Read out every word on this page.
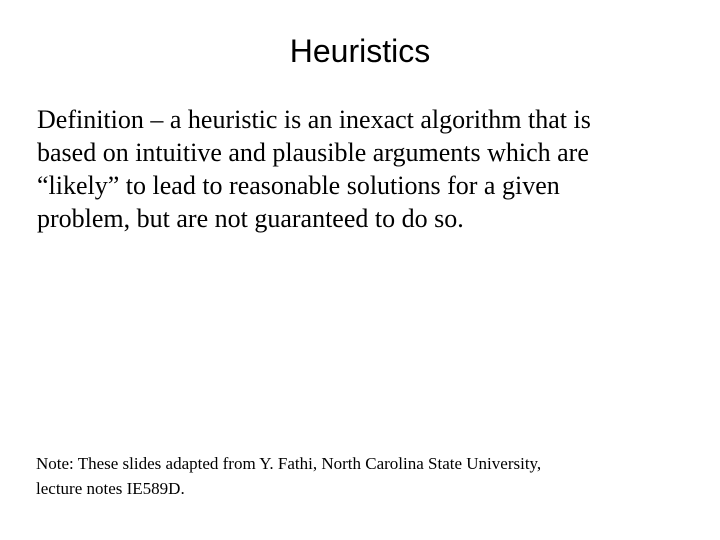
Heuristics
Definition – a heuristic is an inexact algorithm that is
based on intuitive and plausible arguments which are
“likely” to lead to reasonable solutions for a given
problem, but are not guaranteed to do so.
Note: These slides adapted from Y. Fathi, North Carolina State University,
lecture notes IE589D.
